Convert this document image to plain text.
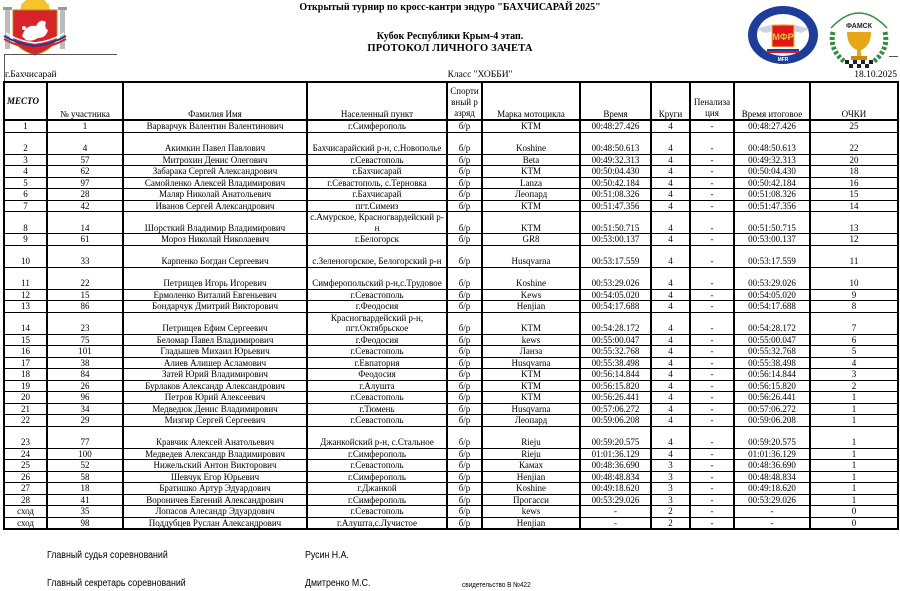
МФР
MFR
ФАМСК
Открытый турнир по кросс-кантри эндуро "БАХЧИСАРАЙ 2025"
Кубок Республики Крым-4 этап.
ПРОТОКОЛ ЛИЧНОГО ЗАЧЕТА
г.Бахчисарай	Класс "ХОББИ"	18.10.2025
МЕСТО	№ участника	Фамилия Имя	Населенный пункт	Спортивный разряд	Марка мотоцикла	Время	Круги	Пенализация	Время итоговое	ОЧКИ
1	1	Варварчук Валентин Валентинович	г.Симферополь	б/р	KTM	00:48:27.426	4	-	00:48:27.426	25
2	4	Акимкин Павел Павлович	Бахчисарайский р-н, с.Новополье	б/р	Koshine	00:48:50.613	4	-	00:48:50.613	22
3	57	Митрохин Денис Олегович	г.Севастополь	б/р	Beta	00:49:32.313	4	-	00:49:32.313	20
4	62	Забарака Сергей Александрович	г.Бахчисарай	б/р	KTM	00:50:04.430	4	-	00:50:04.430	18
5	97	Самойленко Алексей Владимирович	г.Севастополь, с.Терновка	б/р	Lanza	00:50:42.184	4	-	00:50:42.184	16
6	28	Маляр Николай Анатольевич	г.Бахчисарай	б/р	Леопард	00:51:08.326	4	-	00:51:08.326	15
7	42	Иванов Сергей Александрович	пгт.Симеиз	б/р	KTM	00:51:47.356	4	-	00:51:47.356	14
8	14	Шорсткий Владимир Владимирович	с.Амурское, Красногвардейский р-н	б/р	KTM	00:51:50.715	4	-	00:51:50.715	13
9	61	Мороз Николай Николаевич	г.Белогорск	б/р	GR8	00:53:00.137	4	-	00:53:00.137	12
10	33	Карпенко Богдан Сергеевич	с.Зеленогорское, Белогорский р-н	б/р	Husqvarna	00:53:17.559	4	-	00:53:17.559	11
11	22	Петрищев Игорь Игоревич	Симферопольский р-н,с.Трудовое	б/р	Koshine	00:53:29.026	4	-	00:53:29.026	10
12	15	Ермоленко Виталий Евгеньевич	г.Севастополь	б/р	Kews	00:54:05.020	4	-	00:54:05.020	9
13	86	Бондарчук Дмитрий Викторович	г.Феодосия	б/р	Henjian	00:54:17.688	4	-	00:54:17.688	8
14	23	Петрищев Ефим Сергеевич	Красногвардейский р-н, пгт.Октябрьское	б/р	KTM	00:54:28.172	4	-	00:54:28.172	7
15	75	Беломар Павел Владимирович	г.Феодосия	б/р	kews	00:55:00.047	4	-	00:55:00.047	6
16	101	Гладышев Михаил Юрьевич	г.Севастополь	б/р	Ланза	00:55:32.768	4	-	00:55:32.768	5
17	38	Алиев Алишер Асламович	г.Евпатория	б/р	Husqvarna	00:55:38.498	4	-	00:55:38.498	4
18	84	Затей Юрий Владимирович	Феодосия	б/р	KTM	00:56:14.844	4	-	00:56:14.844	3
19	26	Бурлаков Александр Александрович	г.Алушта	б/р	KTM	00:56:15.820	4	-	00:56:15.820	2
20	96	Петров Юрий Алексеевич	г.Севастополь	б/р	KTM	00:56:26.441	4	-	00:56:26.441	1
21	34	Медведюк Денис Владимирович	г.Тюмень	б/р	Husqvarna	00:57:06.272	4	-	00:57:06.272	1
22	29	Мизгир Сергей Сергеевич	г.Севастополь	б/р	Леопард	00:59:06.208	4	-	00:59:06.208	1
23	77	Кравчик Алексей Анатольевич	Джанкойский р-н, с.Стальное	б/р	Rieju	00:59:20.575	4	-	00:59:20.575	1
24	100	Медведев Александр Владимирович	г.Симферополь	б/р	Rieju	01:01:36.129	4	-	01:01:36.129	1
25	52	Нижельский Антон Викторович	г.Севастополь	б/р	Камах	00:48:36.690	3	-	00:48:36.690	1
26	58	Шевчук Егор Юрьевич	г.Симферополь	б/р	Henjian	00:48:48.834	3	-	00:48:48.834	1
27	18	Братишко Артур Эдуардович	г.Джанкой	б/р	Koshine	00:49:18.620	3	-	00:49:18.620	1
28	41	Вороничев Евгений Александрович	г.Симферополь	б/р	Прогасси	00:53:29.026	3	-	00:53:29.026	1
сход	35	Лопасов Алесандр Эдуардович	г.Севастополь	б/р	kews	-	2	-	-	0
сход	98	Поддубцев Руслан Александрович	г.Алушта,с.Лучистое	б/р	Henjian	-	2	-	-	0
Главный судья соревнований	Русин Н.А.
Главный секретарь соревнований	Дмитренко М.С.	свидетельство В №422
